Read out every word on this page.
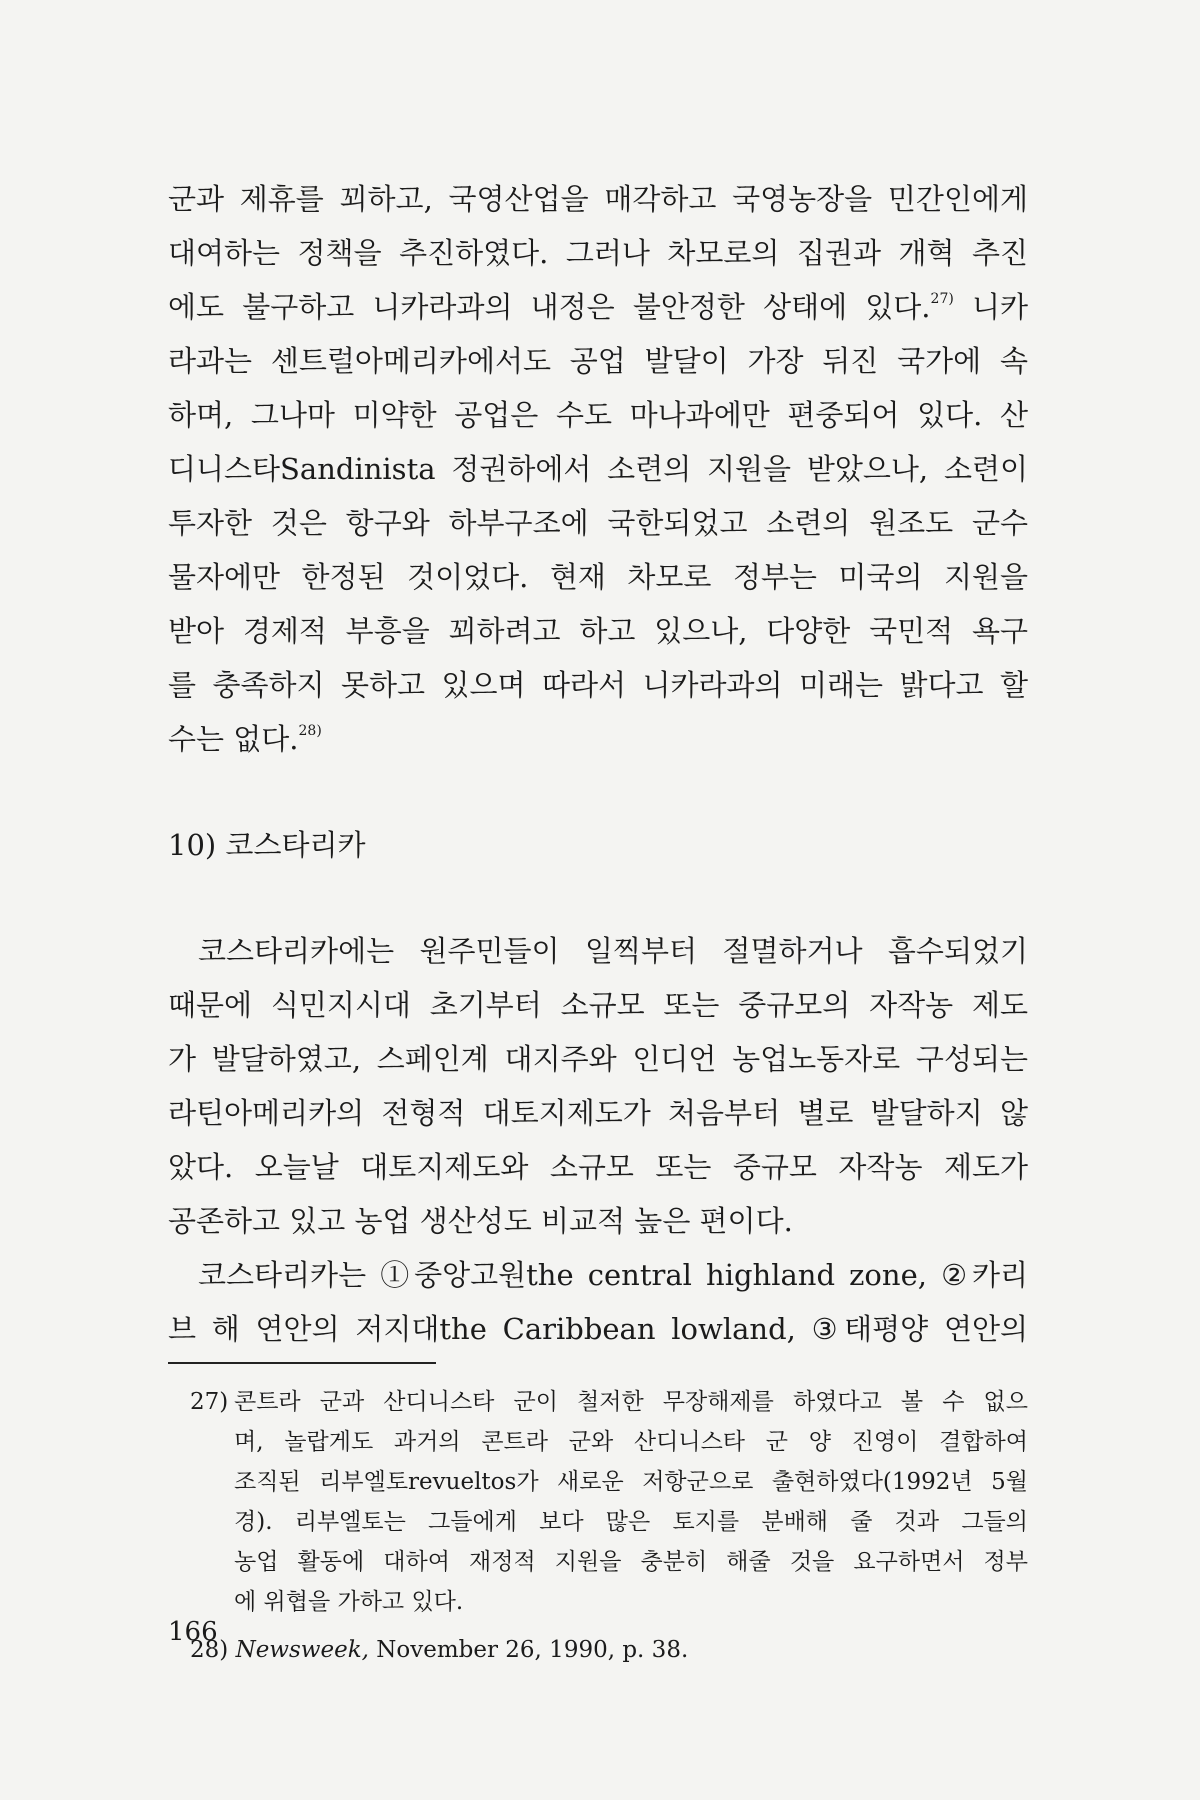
군과 제휴를 꾀하고, 국영산업을 매각하고 국영농장을 민간인에게
대여하는 정책을 추진하였다. 그러나 차모로의 집권과 개혁 추진
에도 불구하고 니카라과의 내정은 불안정한 상태에 있다.$^{27)}$ 니카
라과는 센트럴아메리카에서도 공업 발달이 가장 뒤진 국가에 속
하며, 그나마 미약한 공업은 수도 마나과에만 편중되어 있다. 산
디니스타Sandinista 정권하에서 소련의 지원을 받았으나, 소련이
투자한 것은 항구와 하부구조에 국한되었고 소련의 원조도 군수
물자에만 한정된 것이었다. 현재 차모로 정부는 미국의 지원을
받아 경제적 부흥을 꾀하려고 하고 있으나, 다양한 국민적 욕구
를 충족하지 못하고 있으며 따라서 니카라과의 미래는 밝다고 할
수는 없다.$^{28)}$

10) 코스타리카

코스타리카에는 원주민들이 일찍부터 절멸하거나 흡수되었기
때문에 식민지시대 초기부터 소규모 또는 중규모의 자작농 제도
가 발달하였고, 스페인계 대지주와 인디언 농업노동자로 구성되는
라틴아메리카의 전형적 대토지제도가 처음부터 별로 발달하지 않
았다. 오늘날 대토지제도와 소규모 또는 중규모 자작농 제도가
공존하고 있고 농업 생산성도 비교적 높은 편이다.

코스타리카는 ①중앙고원the central highland zone, ②카리
브 해 연안의 저지대the Caribbean lowland, ③태평양 연안의

27) 콘트라 군과 산디니스타 군이 철저한 무장해제를 하였다고 볼 수 없으
며, 놀랍게도 과거의 콘트라 군와 산디니스타 군 양 진영이 결합하여
조직된 리부엘토revueltos가 새로운 저항군으로 출현하였다(1992년 5월
경). 리부엘토는 그들에게 보다 많은 토지를 분배해 줄 것과 그들의
농업 활동에 대하여 재정적 지원을 충분히 해줄 것을 요구하면서 정부
에 위협을 가하고 있다.
28) Newsweek, November 26, 1990, p. 38.
166
